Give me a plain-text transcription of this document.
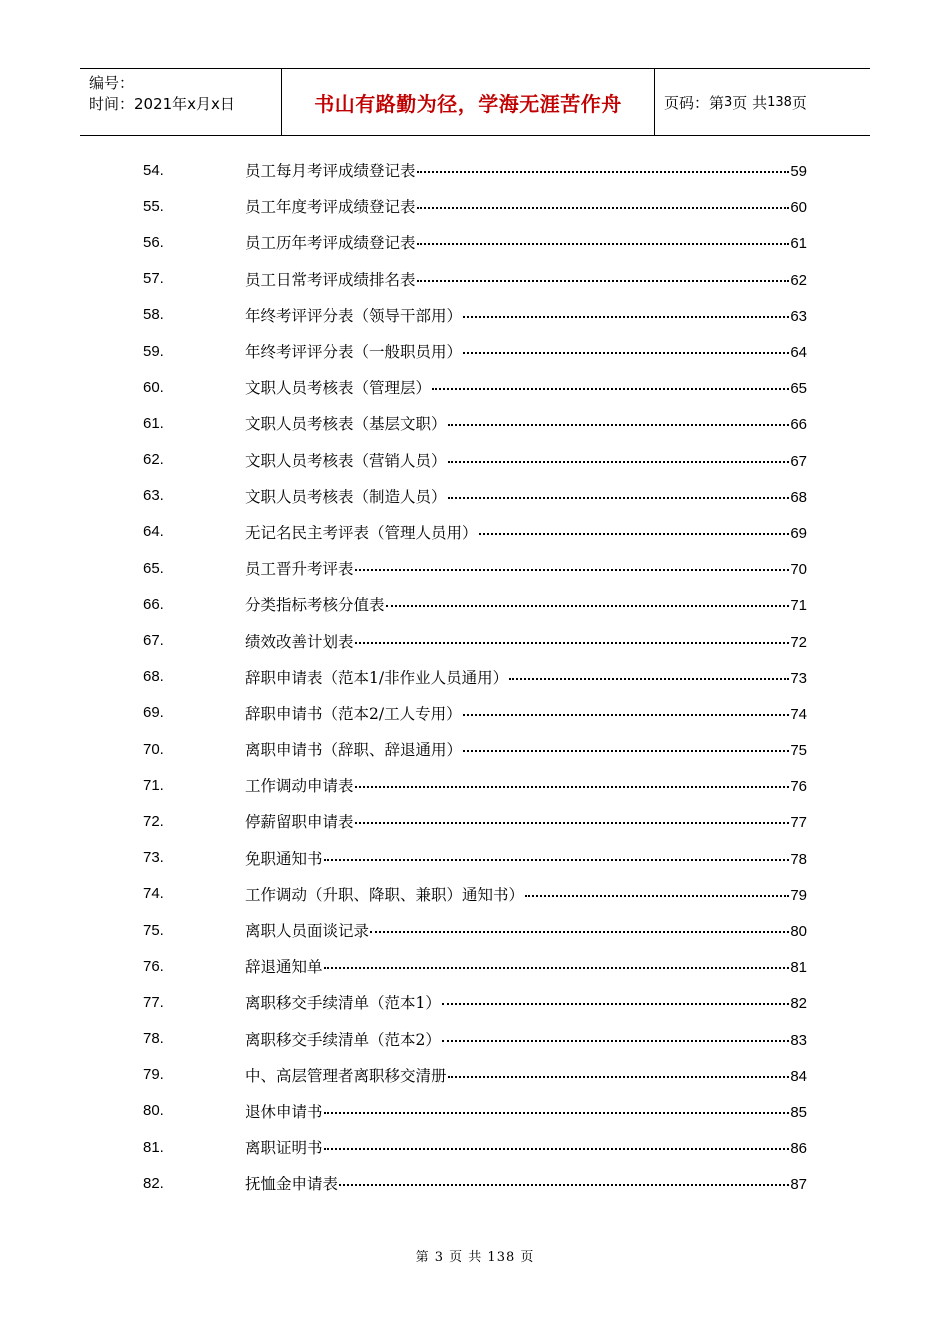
编号：
时间：2021年x月x日	书山有路勤为径，学海无涯苦作舟	页码：第 3 页 共 138 页
54.	员工每月考评成绩登记表	59
55.	员工年度考评成绩登记表	60
56.	员工历年考评成绩登记表	61
57.	员工日常考评成绩排名表	62
58.	年终考评评分表（领导干部用）	63
59.	年终考评评分表（一般职员用）	64
60.	文职人员考核表（管理层）	65
61.	文职人员考核表（基层文职）	66
62.	文职人员考核表（营销人员）	67
63.	文职人员考核表（制造人员）	68
64.	无记名民主考评表（管理人员用）	69
65.	员工晋升考评表	70
66.	分类指标考核分值表	71
67.	绩效改善计划表	72
68.	辞职申请表（范本1/非作业人员通用）	73
69.	辞职申请书（范本2/工人专用）	74
70.	离职申请书（辞职、辞退通用）	75
71.	工作调动申请表	76
72.	停薪留职申请表	77
73.	免职通知书	78
74.	工作调动（升职、降职、兼职）通知书）	79
75.	离职人员面谈记录	80
76.	辞退通知单	81
77.	离职移交手续清单（范本1）	82
78.	离职移交手续清单（范本2）	83
79.	中、高层管理者离职移交清册	84
80.	退休申请书	85
81.	离职证明书	86
82.	抚恤金申请表	87
第 3 页 共 138 页
